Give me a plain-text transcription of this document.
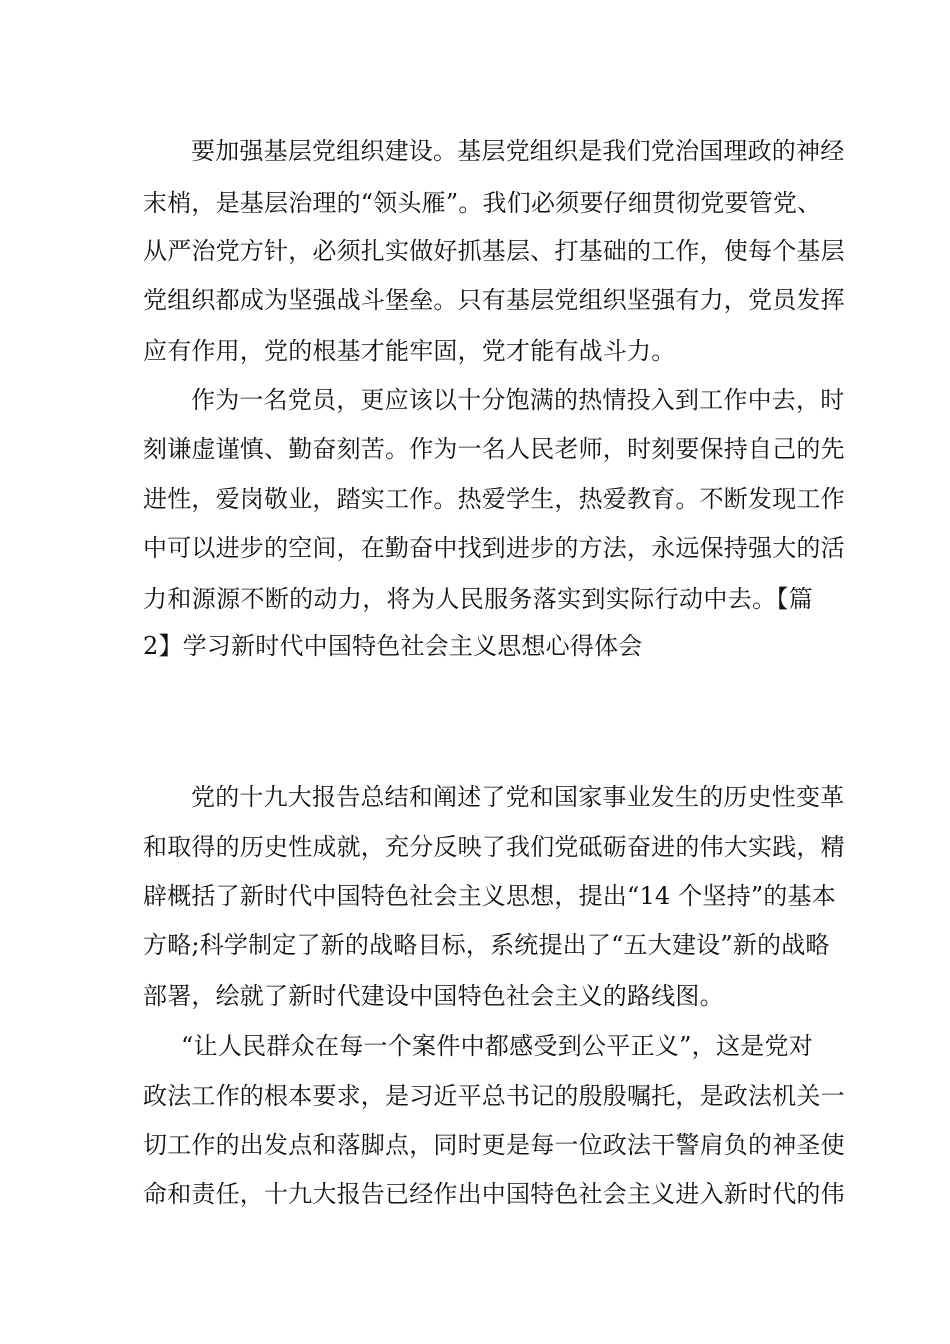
要加强基层党组织建设。基层党组织是我们党治国理政的神经
末梢，是基层治理的“领头雁”。我们必须要仔细贯彻党要管党、
从严治党方针，必须扎实做好抓基层、打基础的工作，使每个基层
党组织都成为坚强战斗堡垒。只有基层党组织坚强有力，党员发挥
应有作用，党的根基才能牢固，党才能有战斗力。
作为一名党员，更应该以十分饱满的热情投入到工作中去，时
刻谦虚谨慎、勤奋刻苦。作为一名人民老师，时刻要保持自己的先
进性，爱岗敬业，踏实工作。热爱学生，热爱教育。不断发现工作
中可以进步的空间，在勤奋中找到进步的方法，永远保持强大的活
力和源源不断的动力，将为人民服务落实到实际行动中去。【篇
2】学习新时代中国特色社会主义思想心得体会
党的十九大报告总结和阐述了党和国家事业发生的历史性变革
和取得的历史性成就，充分反映了我们党砥砺奋进的伟大实践，精
辟概括了新时代中国特色社会主义思想，提出“14 个坚持”的基本
方略;科学制定了新的战略目标，系统提出了“五大建设”新的战略
部署，绘就了新时代建设中国特色社会主义的路线图。
“让人民群众在每一个案件中都感受到公平正义”，这是党对
政法工作的根本要求，是习近平总书记的殷殷嘱托，是政法机关一
切工作的出发点和落脚点，同时更是每一位政法干警肩负的神圣使
命和责任，十九大报告已经作出中国特色社会主义进入新时代的伟
